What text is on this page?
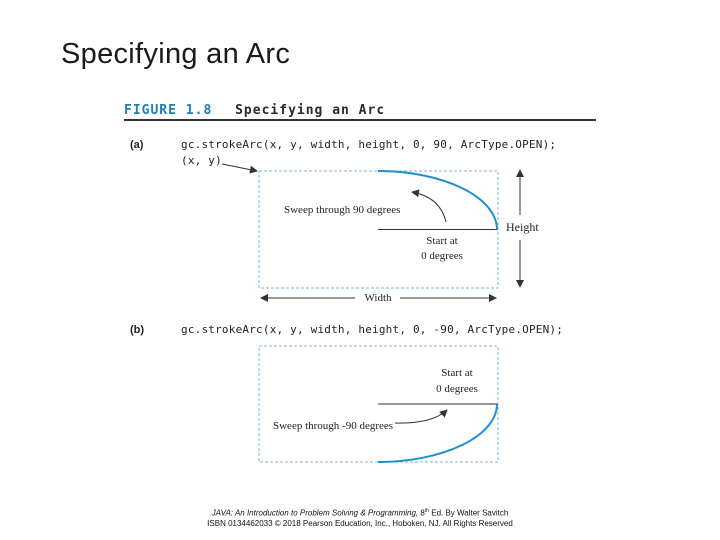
Specifying an Arc
FIGURE 1.8 Specifying an Arc
(a)	gc.strokeArc(x, y, width, height, 0, 90, ArcType.OPEN);
(x, y)
(b)	gc.strokeArc(x, y, width, height, 0, -90, ArcType.OPEN);
Sweep through 90 degrees
Start at
0 degrees
Height
Width
Start at
0 degrees
Sweep through -90 degrees
JAVA: An Introduction to Problem Solving & Programming, 8th Ed. By Walter Savitch
ISBN 0134462033 © 2018 Pearson Education, Inc., Hoboken, NJ. All Rights Reserved
